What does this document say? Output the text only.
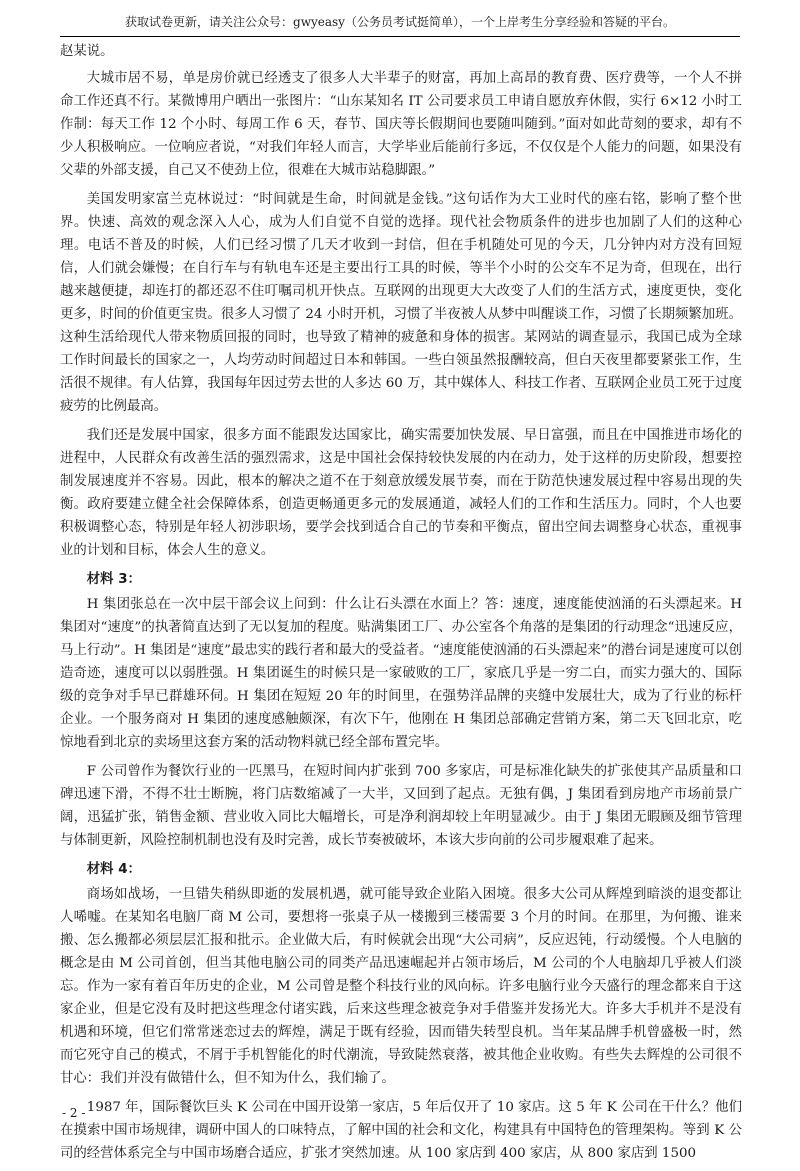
获取试卷更新，请关注公众号：gwyeasy（公务员考试挺简单），一个上岸考生分享经验和答疑的平台。

赵某说。

大城市居不易，单是房价就已经透支了很多人大半辈子的财富，再加上高昂的教育费、医疗费等，一个人不拼命工作还真不行。某微博用户晒出一张图片：“山东某知名 IT 公司要求员工申请自愿放弃休假，实行 6×12 小时工作制：每天工作 12 个小时、每周工作 6 天，春节、国庆等长假期间也要随叫随到。”面对如此苛刻的要求，却有不少人积极响应。一位响应者说，“对我们年轻人而言，大学毕业后能前行多远，不仅仅是个人能力的问题，如果没有父辈的外部支援，自己又不使劲上位，很难在大城市站稳脚跟。”

美国发明家富兰克林说过：“时间就是生命，时间就是金钱。”这句话作为大工业时代的座右铭，影响了整个世界。快速、高效的观念深入人心，成为人们自觉不自觉的选择。现代社会物质条件的进步也加剧了人们的这种心理。电话不普及的时候，人们已经习惯了几天才收到一封信，但在手机随处可见的今天，几分钟内对方没有回短信，人们就会嫌慢；在自行车与有轨电车还是主要出行工具的时候，等半个小时的公交车不足为奇，但现在，出行越来越便捷，却连打的都还忍不住叮嘱司机开快点。互联网的出现更大大改变了人们的生活方式，速度更快，变化更多，时间的价值更宝贵。很多人习惯了 24 小时开机，习惯了半夜被人从梦中叫醒谈工作，习惯了长期频繁加班。这种生活给现代人带来物质回报的同时，也导致了精神的疲惫和身体的损害。某网站的调查显示，我国已成为全球工作时间最长的国家之一，人均劳动时间超过日本和韩国。一些白领虽然报酬较高，但白天夜里都要紧张工作，生活很不规律。有人估算，我国每年因过劳去世的人多达 60 万，其中媒体人、科技工作者、互联网企业员工死于过度疲劳的比例最高。

我们还是发展中国家，很多方面不能跟发达国家比，确实需要加快发展、早日富强，而且在中国推进市场化的进程中，人民群众有改善生活的强烈需求，这是中国社会保持较快发展的内在动力，处于这样的历史阶段，想要控制发展速度并不容易。因此，根本的解决之道不在于刻意放缓发展节奏，而在于防范快速发展过程中容易出现的失衡。政府要建立健全社会保障体系，创造更畅通更多元的发展通道，减轻人们的工作和生活压力。同时，个人也要积极调整心态，特别是年轻人初涉职场，要学会找到适合自己的节奏和平衡点，留出空间去调整身心状态，重视事业的计划和目标，体会人生的意义。

材料 3：

H 集团张总在一次中层干部会议上问到：什么让石头漂在水面上？答：速度，速度能使汹涌的石头漂起来。H 集团对“速度”的执著简直达到了无以复加的程度。贴满集团工厂、办公室各个角落的是集团的行动理念“迅速反应，马上行动”。H 集团是“速度”最忠实的践行者和最大的受益者。“速度能使汹涌的石头漂起来”的潜台词是速度可以创造奇迹，速度可以以弱胜强。H 集团诞生的时候只是一家破败的工厂，家底几乎是一穷二白，而实力强大的、国际级的竞争对手早已群雄环伺。H 集团在短短 20 年的时间里，在强势洋品牌的夹缝中发展壮大，成为了行业的标杆企业。一个服务商对 H 集团的速度感触颇深，有次下午，他刚在 H 集团总部确定营销方案，第二天飞回北京，吃惊地看到北京的卖场里这套方案的活动物料就已经全部布置完毕。

F 公司曾作为餐饮行业的一匹黑马，在短时间内扩张到 700 多家店，可是标准化缺失的扩张使其产品质量和口碑迅速下滑，不得不壮士断腕，将门店数缩减了一大半，又回到了起点。无独有偶，J 集团看到房地产市场前景广阔，迅猛扩张，销售金额、营业收入同比大幅增长，可是净利润却较上年明显减少。由于 J 集团无暇顾及细节管理与体制更新，风险控制机制也没有及时完善，成长节奏被破坏，本该大步向前的公司步履艰难了起来。

材料 4：

商场如战场，一旦错失稍纵即逝的发展机遇，就可能导致企业陷入困境。很多大公司从辉煌到暗淡的退变都让人唏嘘。在某知名电脑厂商 M 公司，要想将一张桌子从一楼搬到三楼需要 3 个月的时间。在那里，为何搬、谁来搬、怎么搬都必须层层汇报和批示。企业做大后，有时候就会出现“大公司病”，反应迟钝，行动缓慢。个人电脑的概念是由 M 公司首创，但当其他电脑公司的同类产品迅速崛起并占领市场后，M 公司的个人电脑却几乎被人们淡忘。作为一家有着百年历史的企业，M 公司曾是整个科技行业的风向标。许多电脑行业今天盛行的理念都来自于这家企业，但是它没有及时把这些理念付诸实践，后来这些理念被竞争对手借鉴并发扬光大。许多大手机并不是没有机遇和环境，但它们常常迷恋过去的辉煌，满足于既有经验，因而错失转型良机。当年某品牌手机曾盛极一时，然而它死守自己的模式，不屑于手机智能化的时代潮流，导致陡然衰落，被其他企业收购。有些失去辉煌的公司很不甘心：我们并没有做错什么，但不知为什么，我们输了。

1987 年，国际餐饮巨头 K 公司在中国开设第一家店，5 年后仅开了 10 家店。这 5 年 K 公司在干什么？他们在摸索中国市场规律，调研中国人的口味特点，了解中国的社会和文化，构建具有中国特色的管理架构。等到 K 公司的经营体系完全与中国市场磨合适应，扩张才突然加速。从 100 家店到 400 家店，从 800 家店到 1500

- 2 -
